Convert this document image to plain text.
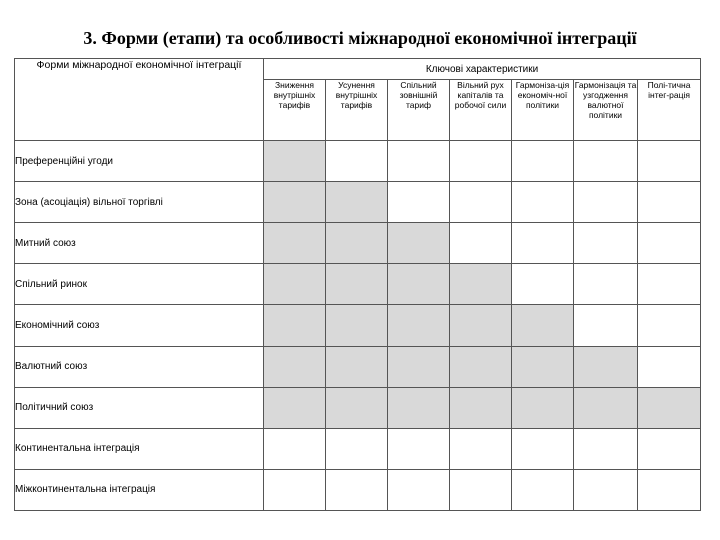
3. Форми (етапи) та особливості міжнародної економічної інтеграції
Форми міжнародної економічної інтеграції	Ключові характеристики						
	Зниження внутрішніх тарифів	Усунення внутрішніх тарифів	Спільний зовнішній тариф	Вільний рух капіталів та робочої сили	Гармоніза-ція економіч-ної політики	Гармонізація та узгодження валютної політики	Полі-тична інтег-рація
Преференційні угоди							
Зона (асоціація) вільної торгівлі							
Митний союз							
Спільний ринок							
Економічний союз							
Валютний союз							
Політичний союз							
Континентальна інтеграція							
Міжконтинентальна інтеграція							
